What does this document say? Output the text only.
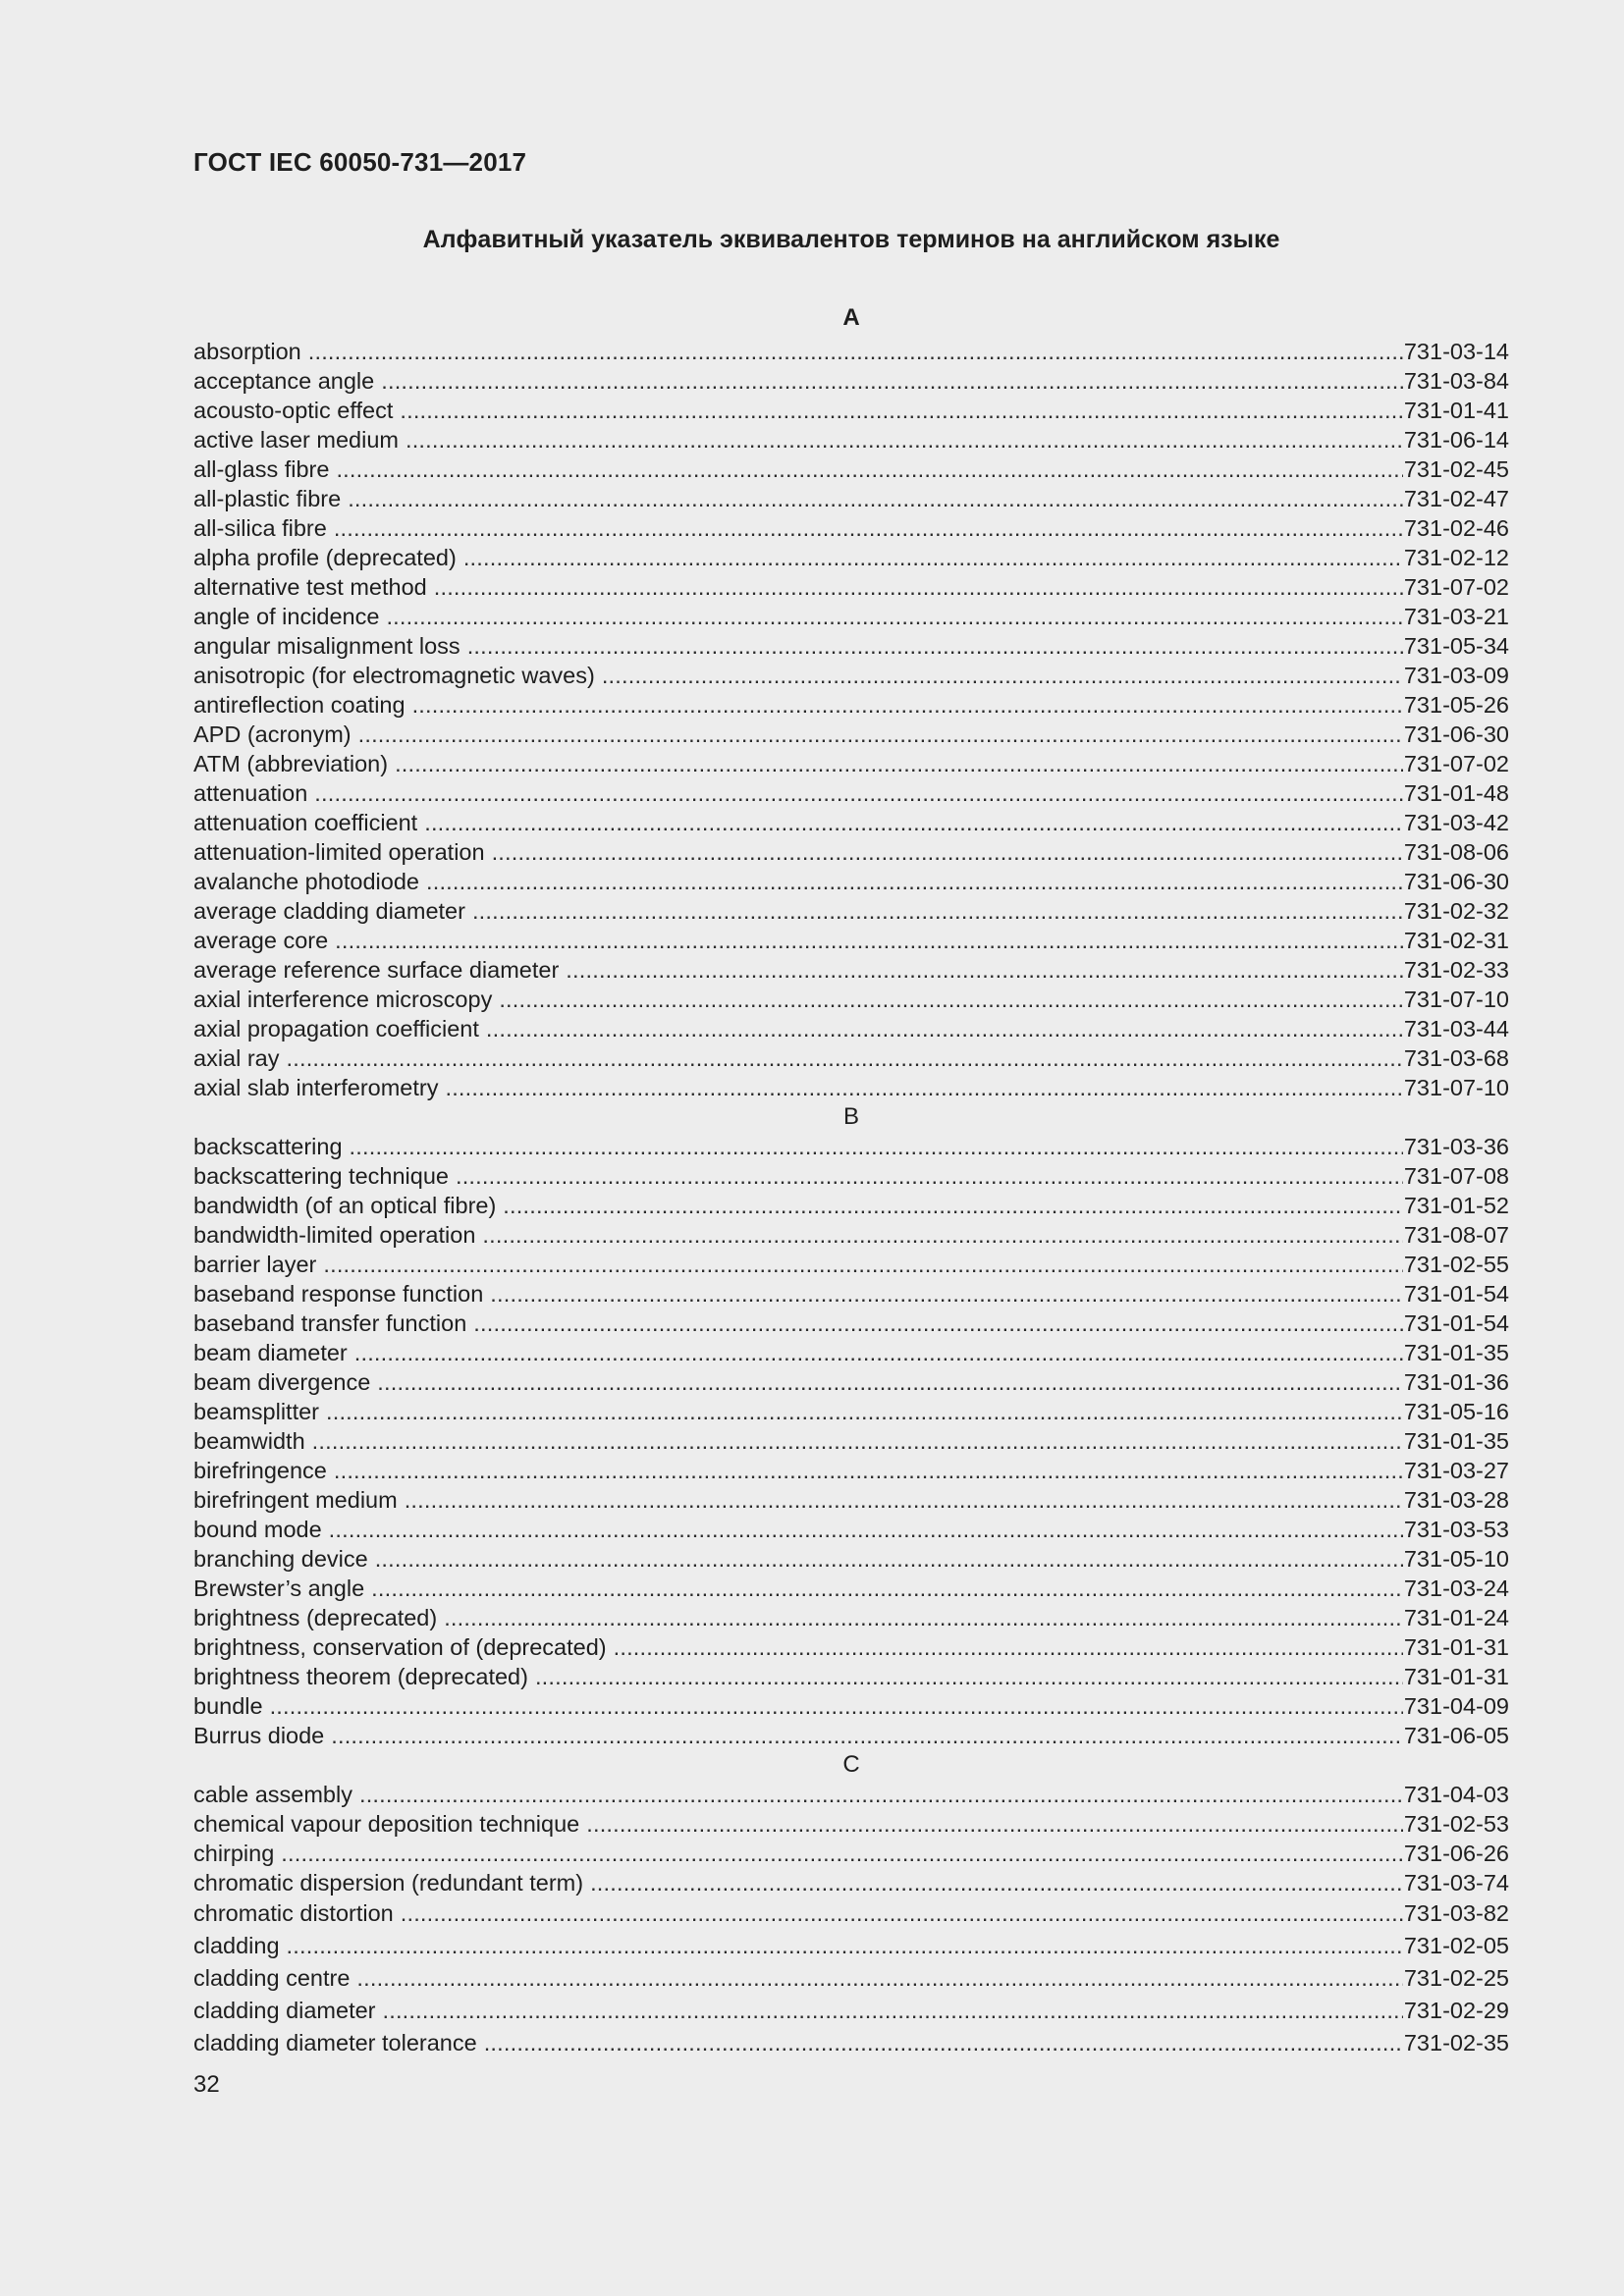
ГОСТ IEC 60050-731—2017
Алфавитный указатель эквивалентов терминов на английском языке
A
absorption .....	731-03-14
acceptance angle .....	731-03-84
acousto-optic effect .....	731-01-41
active laser medium .....	731-06-14
all-glass fibre .....	731-02-45
all-plastic fibre .....	731-02-47
all-silica fibre .....	731-02-46
alpha profile (deprecated) .....	731-02-12
alternative test method .....	731-07-02
angle of incidence .....	731-03-21
angular misalignment loss .....	731-05-34
anisotropic (for electromagnetic waves) .....	731-03-09
antireflection coating .....	731-05-26
APD (acronym) .....	731-06-30
ATM (abbreviation) .....	731-07-02
attenuation .....	731-01-48
attenuation coefficient .....	731-03-42
attenuation-limited operation .....	731-08-06
avalanche photodiode .....	731-06-30
average cladding diameter .....	731-02-32
average core .....	731-02-31
average reference surface diameter .....	731-02-33
axial interference microscopy .....	731-07-10
axial propagation coefficient .....	731-03-44
axial ray .....	731-03-68
axial slab interferometry .....	731-07-10
B
backscattering .....	731-03-36
backscattering technique .....	731-07-08
bandwidth (of an optical fibre) .....	731-01-52
bandwidth-limited operation .....	731-08-07
barrier layer .....	731-02-55
baseband response function .....	731-01-54
baseband transfer function .....	731-01-54
beam diameter .....	731-01-35
beam divergence .....	731-01-36
beamsplitter .....	731-05-16
beamwidth .....	731-01-35
birefringence .....	731-03-27
birefringent medium .....	731-03-28
bound mode .....	731-03-53
branching device .....	731-05-10
Brewster’s angle .....	731-03-24
brightness (deprecated) .....	731-01-24
brightness, conservation of (deprecated) .....	731-01-31
brightness theorem (deprecated) .....	731-01-31
bundle .....	731-04-09
Burrus diode .....	731-06-05
C
cable assembly .....	731-04-03
chemical vapour deposition technique .....	731-02-53
chirping .....	731-06-26
chromatic dispersion (redundant term) .....	731-03-74
chromatic distortion .....	731-03-82
cladding .....	731-02-05
cladding centre .....	731-02-25
cladding diameter .....	731-02-29
cladding diameter tolerance .....	731-02-35
32
